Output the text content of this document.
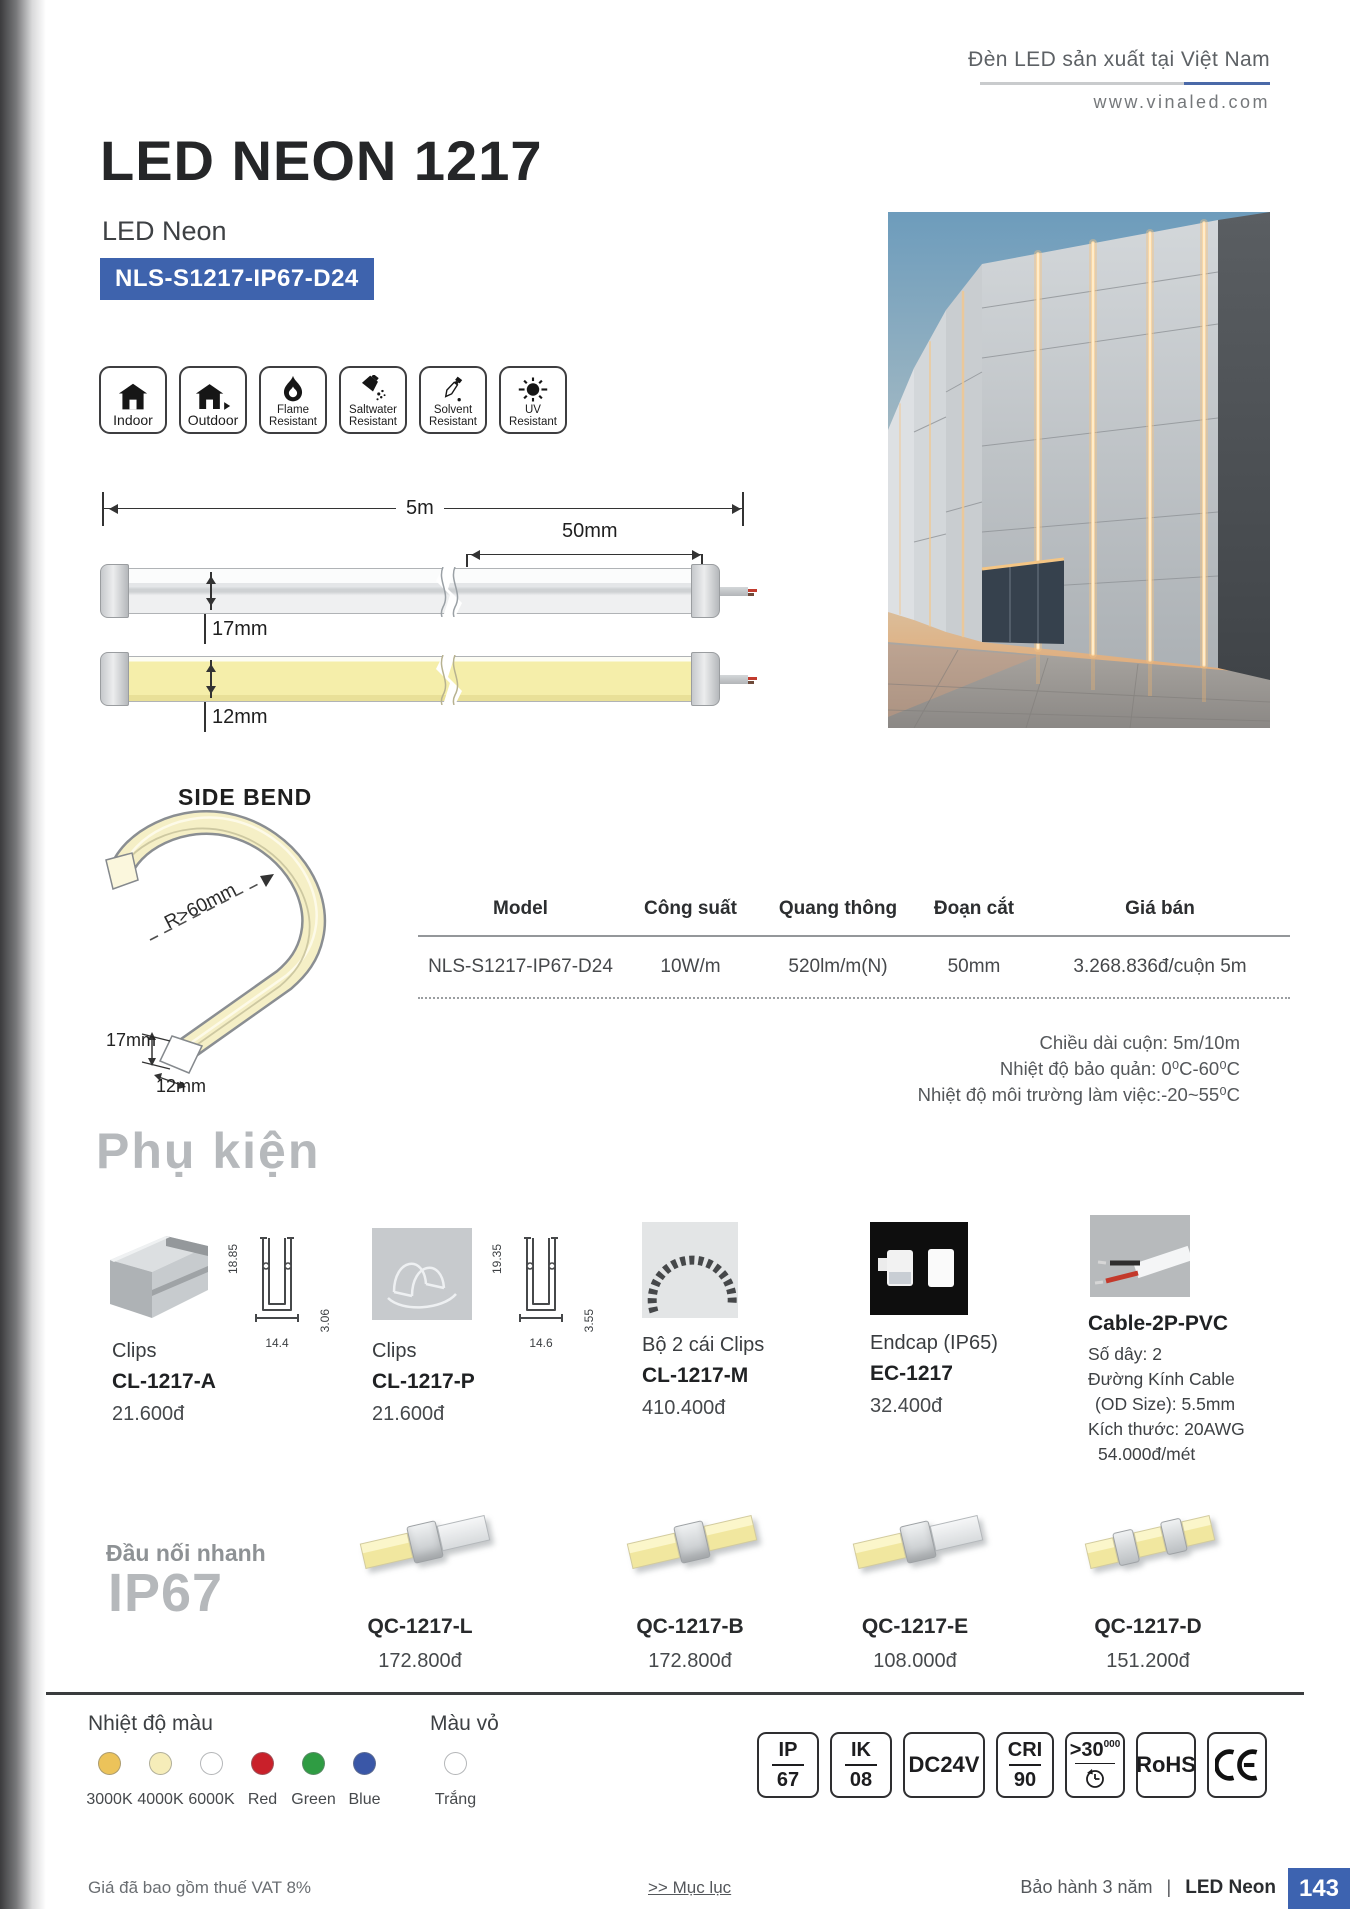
Đèn LED sản xuất tại Việt Nam
www.vinaled.com
LED NEON 1217
LED Neon
NLS-S1217-IP67-D24
Indoor Outdoor
Flame
Resistant
Saltwater
Resistant
Solvent
Resistant
UV
Resistant
5m
50mm
17mm
12mm
SIDE BEND
R>60mm
17mm
12mm
Model	Công suất	Quang thông	Đoạn cắt	Giá bán
NLS-S1217-IP67-D24	10W/m	520lm/m(N)	50mm	3.268.836đ/cuộn 5m
Chiều dài cuộn: 5m/10m
Nhiệt độ bảo quản: 0⁰C-60⁰C
Nhiệt độ môi trường làm việc:-20~55⁰C
Phụ kiện
18.85
3.06
14.4
Clips
CL-1217-A
21.600đ
19.35
3.55
14.6
Clips
CL-1217-P
21.600đ
Bộ 2 cái Clips
CL-1217-M
410.400đ
Endcap (IP65)
EC-1217
32.400đ
Cable-2P-PVC
Số dây: 2
Đường Kính Cable
(OD Size): 5.5mm
Kích thước: 20AWG
54.000đ/mét
Đầu nối nhanh
IP67
QC-1217-L
172.800đ
QC-1217-B
172.800đ
QC-1217-E
108.000đ
QC-1217-D
151.200đ
Nhiệt độ màu
3000K 4000K 6000K Red Green Blue
Màu vỏ
Trắng
IP
67
IK
08
DC24V
CRI
90
$>30^{000}$
RoHS
Giá đã bao gồm thuế VAT 8%	>> Mục lục	Bảo hành 3 năm | LED Neon 143
